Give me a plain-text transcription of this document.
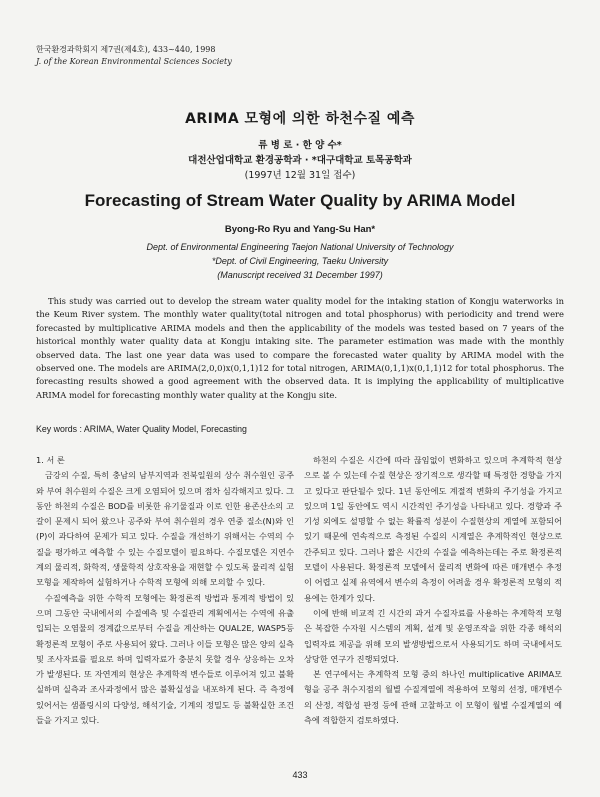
한국환경과학회지 제7권(제4호), 433~440, 1998
J. of the Korean Environmental Sciences Society
ARIMA 모형에 의한 하천수질 예측
류 병 로 · 한 양 수*
대전산업대학교 환경공학과 · *대구대학교 토목공학과
(1997년 12월 31일 접수)
Forecasting of Stream Water Quality by ARIMA Model
Byong-Ro Ryu and Yang-Su Han*
Dept. of Environmental Engineering Taejon National University of Technology
*Dept. of Civil Engineering, Taeku University
(Manuscript received 31 December 1997)

This study was carried out to develop the stream water quality model for the intaking station of Kongju waterworks in the Keum River system. The monthly water quality(total nitrogen and total phosphorus) with periodicity and trend were forecasted by multiplicative ARIMA models and then the applicability of the models was tested based on 7 years of the historical monthly water quality data at Kongju intaking site. The parameter estimation was made with the monthly observed data. The last one year data was used to compare the forecasted water quality by ARIMA model with the observed one. The models are ARIMA(2,0,0)x(0,1,1)12 for total nitrogen, ARIMA(0,1,1)x(0,1,1)12 for total phosphorus. The forecasting results showed a good agreement with the observed data. It is implying the applicability of multiplicative ARIMA model for forecasting monthly water quality at the Kongju site.

Key words : ARIMA, Water Quality Model, Forecasting

1. 서 론

금강의 수질, 특히 충남의 남부지역과 전북일원의 상수 취수원인 공주와 부여 취수원의 수질은 크게 오염되어 있으며 점차 심각해지고 있다. 그동안 하천의 수질은 BOD를 비롯한 유기물질과 이로 인한 용존산소의 고갈이 문제시 되어 왔으나 공주와 부여 취수원의 경우 연중 질소(N)와 인(P)이 과다하여 문제가 되고 있다. 수질을 개선하기 위해서는 수역의 수질을 평가하고 예측할 수 있는 수질모델이 필요하다. 수질모델은 지연수계의 물리적, 화학적, 생물학적 상호작용을 재현할 수 있도록 물리적 실험모형을 제작하여 실험하거나 수학적 모형에 의해 모의할 수 있다.

수질예측을 위한 수학적 모형에는 확정론적 방법과 통계적 방법이 있으며 그동안 국내에서의 수질예측 및 수질관리 계획에서는 수역에 유출입되는 오염물의 경계값으로부터 수질을 계산하는 QUAL2E, WASP5등 확정론적 모형이 주로 사용되어 왔다. 그러나 이들 모형은 많은 양의 실측 및 조사자료를 필요로 하며 입력자료가 충분치 못할 경우 상응하는 오차가 발생된다. 또 자연계의 현상은 추계학적 변수들로 이루어져 있고 불확실하며 실측과 조사과정에서 많은 불확실성을 내포하게 된다. 즉 측정에 있어서는 샘플링시의 다양성, 해석기술, 기계의 정밀도 등 불확실한 조건들을 가지고 있다.

하천의 수질은 시간에 따라 끊임없이 변화하고 있으며 추계학적 현상으로 볼 수 있는데 수질 현상은 장기적으로 생각할 때 특정한 경향을 가지고 있다고 판단될수 있다. 1년 동안에도 계절적 변화의 주기성을 가지고 있으며 1일 동안에도 역시 시간적인 주기성을 나타내고 있다. 경향과 주기성 외에도 설명할 수 없는 확률적 성분이 수질현상의 계열에 포함되어 있기 때문에 연속적으로 측정된 수질의 시계열은 추계학적인 현상으로 간주되고 있다. 그러나 짧은 시간의 수질을 예측하는데는 주로 확정론적 모델이 사용된다. 확정론적 모델에서 물리적 변화에 따른 매개변수 추정이 어렵고 실제 유역에서 변수의 측정이 어려울 경우 확정론적 모형의 적용에는 한계가 있다.

이에 반해 비교적 긴 시간의 과거 수질자료를 사용하는 추계학적 모형은 복잡한 수자원 시스템의 계획, 설계 및 운영조작을 위한 각종 해석의 입력자료 제공을 위해 모의 발생방법으로서 사용되기도 하며 국내에서도 상당한 연구가 진행되었다.

본 연구에서는 추계학적 모형 중의 하나인 multiplicative ARIMA모형을 공주 취수지점의 월별 수질계열에 적용하여 모형의 선정, 매개변수의 산정, 적합성 판정 등에 관해 고찰하고 이 모형이 월별 수질계열의 예측에 적합한지 검토하였다.

433
